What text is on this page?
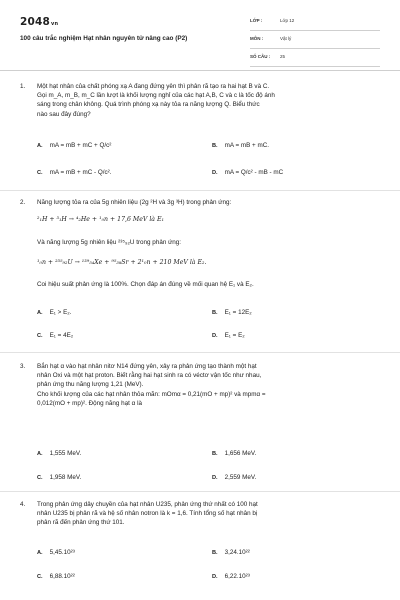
2048vn
100 câu trắc nghiệm Hạt nhân nguyên tử nâng cao (P2)
LỚP :	Lớp 12
MÔN :	Vật lý
SỐ CÂU : 25
1. Một hạt nhân của chất phóng xạ A đang đứng yên thì phân rã tạo ra hai hạt B và C.

Gọi m_A, m_B, m_C lần lượt là khối lượng nghỉ của các hạt A,B, C và c là tốc độ ánh

sáng trong chân không. Quá trình phóng xạ này tỏa ra năng lượng Q. Biểu thức

nào sau đây đúng?

A. mA = mB + mC + Q/c²	B. mA = mB + mC.
C. mA = mB + mC - Q/c².	D. mA = Q/c² - mB - mC
2. Năng lượng tỏa ra của 5g nhiên liệu (2g ²H và 3g ³H) trong phản ứng:

²₁H + ³₁H → ⁴₂He + ¹₀n + 17,6 MeV là E₁

Và năng lượng 5g nhiên liệu ²³⁵₉₂U trong phản ứng:

¹₀n + ²³⁵₉₂U → ¹³⁹₅₄Xe + ⁹⁵₃₈Sr + 2¹₀n + 210 MeV là E₂.

Coi hiệu suất phản ứng là 100%. Chọn đáp án đúng về mối quan hệ E₁ và E₂.

A. E₁ > E₂.	B. E₁ = 12E₂
C. E₁ = 4E₂	D. E₁ = E₂
3. Bắn hạt α vào hạt nhân nitơ N14 đứng yên, xảy ra phản ứng tạo thành một hạt

nhân Oxi và một hạt proton. Biết rằng hai hạt sinh ra có véctơ vận tốc như nhau,

phản ứng thu năng lượng 1,21 (MeV).

Cho khối lượng của các hạt nhân thỏa mãn: mOmα = 0,21(mO + mp)² và mpmα =

0,012(mO + mp)². Động năng hạt α là

A. 1,555 MeV.	B. 1,656 MeV.
C. 1,958 MeV.	D. 2,559 MeV.
4. Trong phản ứng dây chuyền của hạt nhân U235, phản ứng thứ nhất có 100 hạt

nhân U235 bị phân rã và hệ số nhân notron là k = 1,6. Tính tổng số hạt nhân bị

phân rã đến phản ứng thứ 101.

A. 5,45.10²³	B. 3,24.10²²
C. 6,88.10²²	D. 6,22.10²³
